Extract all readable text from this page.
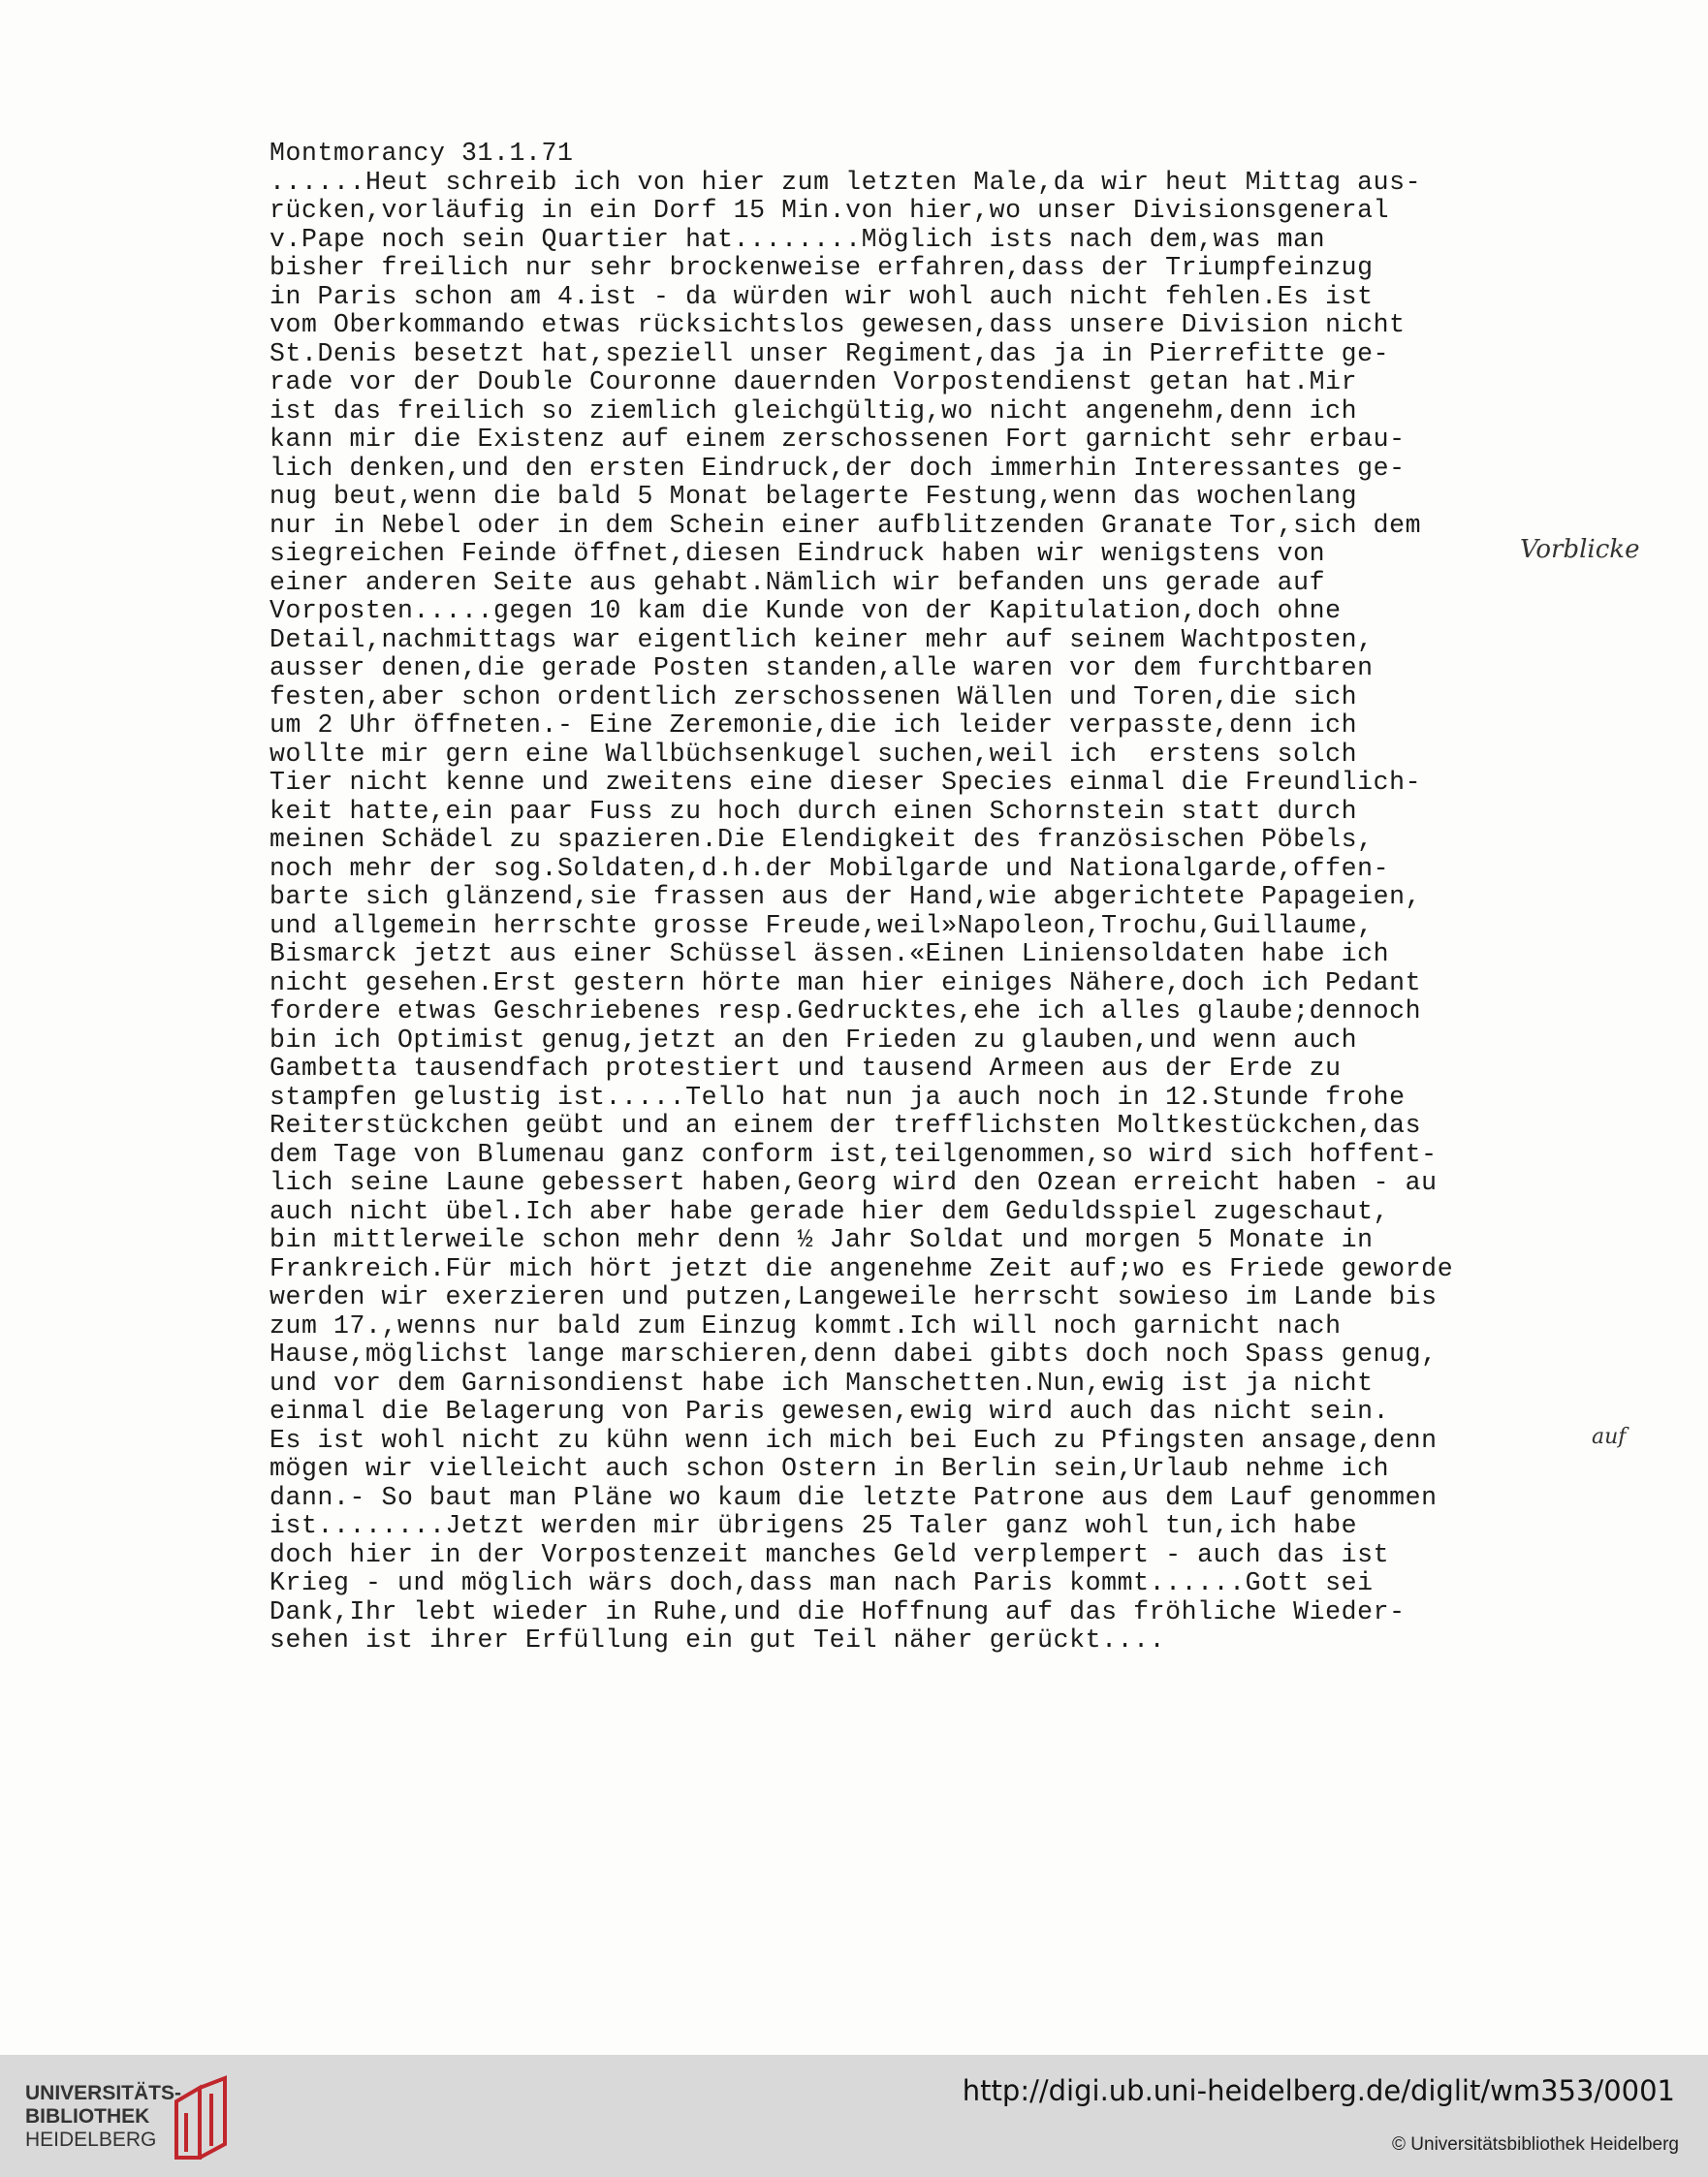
Montmorancy 31.1.71
......Heut schreib ich von hier zum letzten Male,da wir heut Mittag aus-
rücken,vorläufig in ein Dorf 15 Min.von hier,wo unser Divisionsgeneral
v.Pape noch sein Quartier hat........Möglich ists nach dem,was man
bisher freilich nur sehr brockenweise erfahren,dass der Triumpfeinzug
in Paris schon am 4.ist - da würden wir wohl auch nicht fehlen.Es ist
vom Oberkommando etwas rücksichtslos gewesen,dass unsere Division nicht
St.Denis besetzt hat,speziell unser Regiment,das ja in Pierrefitte ge-
rade vor der Double Couronne dauernden Vorpostendienst getan hat.Mir
ist das freilich so ziemlich gleichgültig,wo nicht angenehm,denn ich
kann mir die Existenz auf einem zerschossenen Fort garnicht sehr erbau-
lich denken,und den ersten Eindruck,der doch immerhin Interessantes ge-
nug beut,wenn die bald 5 Monat belagerte Festung,wenn das wochenlang
nur in Nebel oder in dem Schein einer aufblitzenden Granate Tor,sich dem
siegreichen Feinde öffnet,diesen Eindruck haben wir wenigstens von
einer anderen Seite aus gehabt.Nämlich wir befanden uns gerade auf
Vorposten.....gegen 10 kam die Kunde von der Kapitulation,doch ohne
Detail,nachmittags war eigentlich keiner mehr auf seinem Wachtposten,
ausser denen,die gerade Posten standen,alle waren vor dem furchtbaren
festen,aber schon ordentlich zerschossenen Wällen und Toren,die sich
um 2 Uhr öffneten.- Eine Zeremonie,die ich leider verpasste,denn ich
wollte mir gern eine Wallbüchsenkugel suchen,weil ich  erstens solch
Tier nicht kenne und zweitens eine dieser Species einmal die Freundlich-
keit hatte,ein paar Fuss zu hoch durch einen Schornstein statt durch
meinen Schädel zu spazieren.Die Elendigkeit des französischen Pöbels,
noch mehr der sog.Soldaten,d.h.der Mobilgarde und Nationalgarde,offen-
barte sich glänzend,sie frassen aus der Hand,wie abgerichtete Papageien,
und allgemein herrschte grosse Freude,weil»Napoleon,Trochu,Guillaume,
Bismarck jetzt aus einer Schüssel ässen.«Einen Liniensoldaten habe ich
nicht gesehen.Erst gestern hörte man hier einiges Nähere,doch ich Pedant
fordere etwas Geschriebenes resp.Gedrucktes,ehe ich alles glaube;dennoch
bin ich Optimist genug,jetzt an den Frieden zu glauben,und wenn auch
Gambetta tausendfach protestiert und tausend Armeen aus der Erde zu
stampfen gelustig ist.....Tello hat nun ja auch noch in 12.Stunde frohe
Reiterstückchen geübt und an einem der trefflichsten Moltkestückchen,das
dem Tage von Blumenau ganz conform ist,teilgenommen,so wird sich hoffent-
lich seine Laune gebessert haben,Georg wird den Ozean erreicht haben - au
auch nicht übel.Ich aber habe gerade hier dem Geduldsspiel zugeschaut,
bin mittlerweile schon mehr denn ½ Jahr Soldat und morgen 5 Monate in
Frankreich.Für mich hört jetzt die angenehme Zeit auf;wo es Friede geworde
werden wir exerzieren und putzen,Langeweile herrscht sowieso im Lande bis
zum 17.,wenns nur bald zum Einzug kommt.Ich will noch garnicht nach
Hause,möglichst lange marschieren,denn dabei gibts doch noch Spass genug,
und vor dem Garnisondienst habe ich Manschetten.Nun,ewig ist ja nicht
einmal die Belagerung von Paris gewesen,ewig wird auch das nicht sein.
Es ist wohl nicht zu kühn wenn ich mich bei Euch zu Pfingsten ansage,denn
mögen wir vielleicht auch schon Ostern in Berlin sein,Urlaub nehme ich
dann.- So baut man Pläne wo kaum die letzte Patrone aus dem Lauf genommen
ist........Jetzt werden mir übrigens 25 Taler ganz wohl tun,ich habe
doch hier in der Vorpostenzeit manches Geld verplempert - auch das ist
Krieg - und möglich wärs doch,dass man nach Paris kommt......Gott sei
Dank,Ihr lebt wieder in Ruhe,und die Hoffnung auf das fröhliche Wieder-
sehen ist ihrer Erfüllung ein gut Teil näher gerückt....
Vorblicke
auf
UNIVERSITÄTS-
BIBLIOTHEK
HEIDELBERG
http://digi.ub.uni-heidelberg.de/diglit/wm353/0001
© Universitätsbibliothek Heidelberg
